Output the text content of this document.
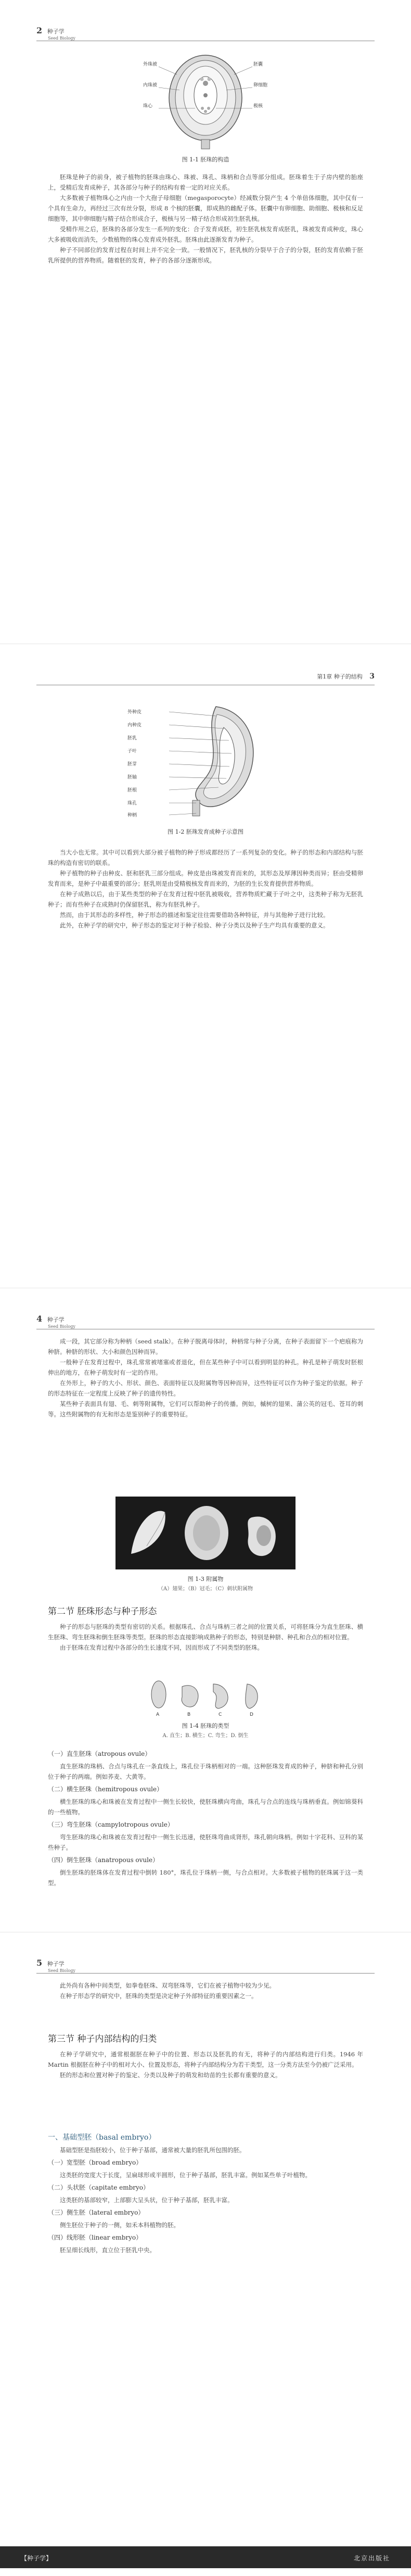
2 种子学
Seed Biology
外珠被
内珠被
珠心
胚囊
卵细胞
极核
图 1-1 胚珠的构造

胚珠是种子的前身，被子植物的胚珠由珠心、珠被、珠孔、珠柄和合点等部分组成。胚珠着生于子房内壁的胎座上，受精后发育成种子，其各部分与种子的结构有着一定的对应关系。

大多数被子植物珠心之内由一个大孢子母细胞（megasporocyte）经减数分裂产生 4 个单倍体细胞，其中仅有一个具有生命力，再经过三次有丝分裂，形成 8 个核的胚囊，即成熟的雌配子体。胚囊中有卵细胞、助细胞、极核和反足细胞等，其中卵细胞与精子结合形成合子，极核与另一精子结合形成初生胚乳核。

受精作用之后，胚珠的各部分发生一系列的变化：合子发育成胚，初生胚乳核发育成胚乳，珠被发育成种皮，珠心大多被吸收而消失，少数植物的珠心发育成外胚乳。胚珠由此逐渐发育为种子。

种子不同部位的发育过程在时间上并不完全一致。一般情况下，胚乳核的分裂早于合子的分裂，胚的发育依赖于胚乳所提供的营养物质。随着胚的发育，种子的各部分逐渐形成。

第1章 种子的结构 3
外种皮
内种皮
胚乳
子叶
胚芽
胚轴
胚根
珠孔
种柄
图 1-2 胚珠发育成种子示意图

当大小也无常。其中可以看到大部分被子植物的种子形成都经历了一系列复杂的变化。种子的形态和内部结构与胚珠的构造有密切的联系。

种子植物的种子由种皮、胚和胚乳三部分组成。种皮是由珠被发育而来的，其形态及厚薄因种类而异；胚由受精卵发育而来，是种子中最重要的部分；胚乳则是由受精极核发育而来的，为胚的生长发育提供营养物质。

在种子成熟以后，由于某些类型的种子在发育过程中胚乳被吸收，营养物质贮藏于子叶之中，这类种子称为无胚乳种子；而有些种子在成熟时仍保留胚乳，称为有胚乳种子。

然而，由于其形态的多样性，种子形态的描述和鉴定往往需要借助各种特征，并与其他种子进行比较。

此外，在种子学的研究中，种子形态的鉴定对于种子检验、种子分类以及种子生产均具有重要的意义。

4 种子学
Seed Biology

成一段，其它部分称为种柄（seed stalk）。在种子脱离母体时，种柄常与种子分离，在种子表面留下一个疤痕称为种脐。种脐的形状、大小和颜色因种而异。

一般种子在发育过程中，珠孔常常被堵塞或者退化，但在某些种子中可以看到明显的种孔。种孔是种子萌发时胚根伸出的地方，在种子萌发时有一定的作用。

在外形上，种子的大小、形状、颜色、表面特征以及附属物等因种而异，这些特征可以作为种子鉴定的依据。种子的形态特征在一定程度上反映了种子的遗传特性。

某些种子表面具有翅、毛、刺等附属物，它们可以帮助种子的传播。例如，槭树的翅果、蒲公英的冠毛、苍耳的刺等。这些附属物的有无和形态是鉴别种子的重要特征。

图 1-3 附属物
（A）翅果；（B）冠毛；（C）刺状附属物
第二节 胚珠形态与种子形态

种子的形态与胚珠的类型有密切的关系。根据珠孔、合点与珠柄三者之间的位置关系，可将胚珠分为直生胚珠、横生胚珠、弯生胚珠和倒生胚珠等类型。胚珠的形态直接影响成熟种子的形态，特别是种脐、种孔和合点的相对位置。

由于胚珠在发育过程中各部分的生长速度不同，因而形成了不同类型的胚珠。

A	B	C	D
图 1-4 胚珠的类型
A. 直生；B. 横生；C. 弯生；D. 倒生
（一）直生胚珠（atropous ovule）

直生胚珠的珠柄、合点与珠孔在一条直线上，珠孔位于珠柄相对的一端。这种胚珠发育成的种子，种脐和种孔分别位于种子的两端。例如荞麦、大黄等。

（二）横生胚珠（hemitropous ovule）

横生胚珠的珠心和珠被在发育过程中一侧生长较快，使胚珠横向弯曲，珠孔与合点的连线与珠柄垂直。例如锦葵科的一些植物。

（三）弯生胚珠（campylotropous ovule）

弯生胚珠的珠心和珠被在发育过程中一侧生长迅速，使胚珠弯曲成肾形，珠孔朝向珠柄。例如十字花科、豆科的某些种子。

（四）倒生胚珠（anatropous ovule）

倒生胚珠的胚珠体在发育过程中倒转 180°，珠孔位于珠柄一侧，与合点相对。大多数被子植物的胚珠属于这一类型。

5 种子学
Seed Biology

此外尚有各种中间类型，如拳卷胚珠、双弯胚珠等，它们在被子植物中较为少见。

在种子形态学的研究中，胚珠的类型是决定种子外部特征的重要因素之一。

第三节 种子内部结构的归类

在种子学研究中，通常根据胚在种子中的位置、形态以及胚乳的有无，将种子的内部结构进行归类。1946 年 Martin 根据胚在种子中的相对大小、位置及形态，将种子内部结构分为若干类型，这一分类方法至今仍被广泛采用。

胚的形态和位置对种子的鉴定、分类以及种子的萌发和幼苗的生长都有重要的意义。

一、基础型胚（basal embryo）

基础型胚是指胚较小，位于种子基部，通常被大量的胚乳所包围的胚。

（一）宽型胚（broad embryo）

这类胚的宽度大于长度，呈扁球形或半圆形，位于种子基部，胚乳丰富。例如某些单子叶植物。

（二）头状胚（capitate embryo）

这类胚的基部较窄，上部膨大呈头状，位于种子基部，胚乳丰富。

（三）侧生胚（lateral embryo）

侧生胚位于种子的一侧，如禾本科植物的胚。

（四）线形胚（linear embryo）

胚呈细长线形，直立位于胚乳中央。

【种子学】	北京出版社
